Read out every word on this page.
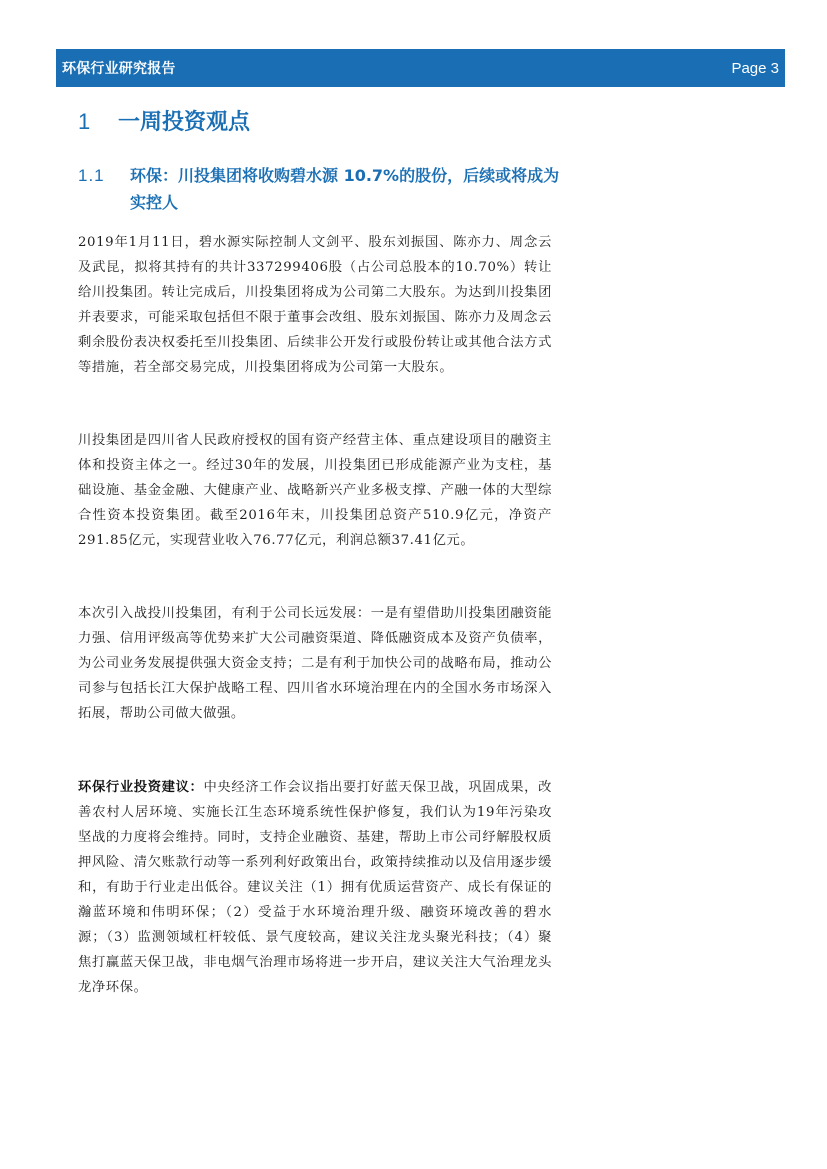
环保行业研究报告	Page 3
1 一周投资观点
1.1	环保：川投集团将收购碧水源 10.7%的股份，后续或将成为实控人

2019年1月11日，碧水源实际控制人文剑平、股东刘振国、陈亦力、周念云及武昆，拟将其持有的共计337299406股（占公司总股本的10.70%）转让给川投集团。转让完成后，川投集团将成为公司第二大股东。为达到川投集团并表要求，可能采取包括但不限于董事会改组、股东刘振国、陈亦力及周念云剩余股份表决权委托至川投集团、后续非公开发行或股份转让或其他合法方式等措施，若全部交易完成，川投集团将成为公司第一大股东。

川投集团是四川省人民政府授权的国有资产经营主体、重点建设项目的融资主体和投资主体之一。经过30年的发展，川投集团已形成能源产业为支柱，基础设施、基金金融、大健康产业、战略新兴产业多极支撑、产融一体的大型综合性资本投资集团。截至2016年末，川投集团总资产510.9亿元，净资产291.85亿元，实现营业收入76.77亿元，利润总额37.41亿元。

本次引入战投川投集团，有利于公司长远发展：一是有望借助川投集团融资能力强、信用评级高等优势来扩大公司融资渠道、降低融资成本及资产负债率，为公司业务发展提供强大资金支持；二是有利于加快公司的战略布局，推动公司参与包括长江大保护战略工程、四川省水环境治理在内的全国水务市场深入拓展，帮助公司做大做强。

环保行业投资建议：中央经济工作会议指出要打好蓝天保卫战，巩固成果，改善农村人居环境、实施长江生态环境系统性保护修复，我们认为19年污染攻坚战的力度将会维持。同时，支持企业融资、基建，帮助上市公司纾解股权质押风险、清欠账款行动等一系列利好政策出台，政策持续推动以及信用逐步缓和，有助于行业走出低谷。建议关注（1）拥有优质运营资产、成长有保证的瀚蓝环境和伟明环保；（2）受益于水环境治理升级、融资环境改善的碧水源；（3）监测领域杠杆较低、景气度较高，建议关注龙头聚光科技；（4）聚焦打赢蓝天保卫战，非电烟气治理市场将进一步开启，建议关注大气治理龙头龙净环保。
